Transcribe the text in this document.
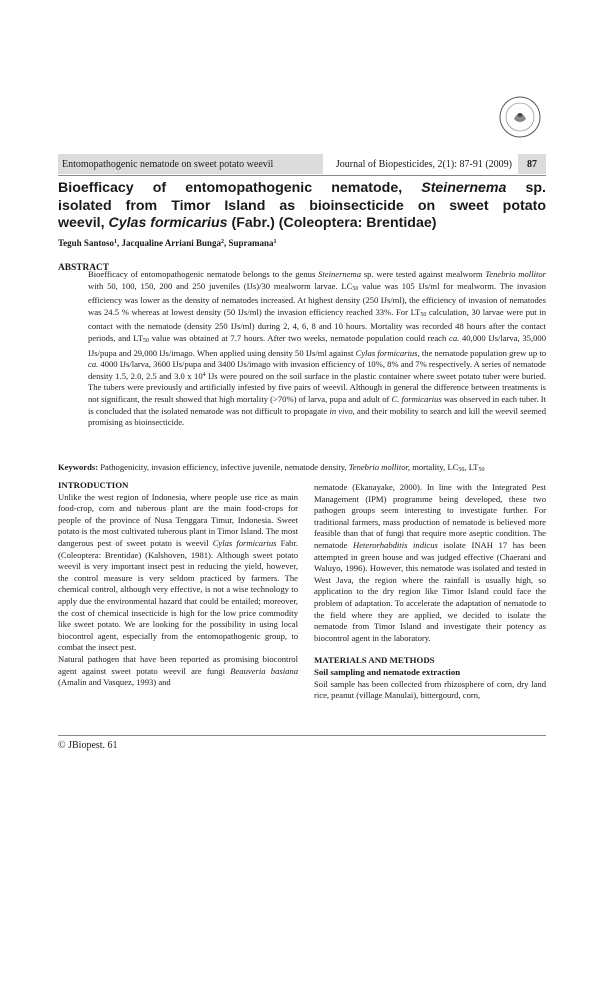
Entomopathogenic nematode on sweet potato weevil	Journal of Biopesticides, 2(1): 87-91 (2009)	87
Bioefficacy of entomopathogenic nematode, Steinernema sp.
isolated from Timor Island as bioinsecticide on sweet potato
weevil, Cylas formicarius (Fabr.) (Coleoptera: Brentidae)
Teguh Santoso$^1$, Jacqualine Arriani Bunga$^2$, Supramana$^1$
ABSTRACT
Bioefficacy of entomopathogenic nematode belongs to the genus Steinernema sp. were tested against mealworm Tenebrio mollitor with 50, 100, 150, 200 and 250 juveniles (IJs)/30 mealworm larvae. $LC_{50}$ value was 105 IJs/ml for mealworm. The invasion efficiency was lower as the density of nematodes increased. At highest density (250 IJs/ml), the efficiency of invasion of nematodes was 24.5 % whereas at lowest density (50 IJs/ml) the invasion efficiency reached 33%. For $LT_{50}$ calculation, 30 larvae were put in contact with the nematode (density 250 IJs/ml) during 2, 4, 6, 8 and 10 hours. Mortality was recorded 48 hours after the contact periods, and $LT_{50}$ value was obtained at 7.7 hours. After two weeks, nematode population could reach ca. 40,000 IJs/larva, 35,000 IJs/pupa and 29,000 IJs/imago. When applied using density 50 IJs/ml against Cylas formicarius, the nematode population grew up to ca. 4000 IJs/larva, 3600 IJs/pupa and 3400 IJs/imago with invasion efficiency of 10%, 8% and 7% respectively. A series of nematode density 1.5, 2.0, 2.5 and 3.0 x $10^4$ IJs were poured on the soil surface in the plastic container where sweet potato tuber were buried. The tubers were previously and artificially infested by five pairs of weevil. Although in general the difference between treatments is not significant, the result showed that high mortality (>70%) of larva, pupa and adult of C. formicarius was observed in each tuber. It is concluded that the isolated nematode was not difficult to propagate in vivo, and their mobility to search and kill the weevil seemed promising as bioinsecticide.
Keywords: Pathogenicity, invasion efficiency, infective juvenile, nematode density, Tenebrio mollitor, mortality, $LC_{50}$, $LT_{50}$
INTRODUCTION

Unlike the west region of Indonesia, where people use rice as main food-crop, corn and tuberous plant are the main food-crops for people of the province of Nusa Tenggara Timur, Indonesia. Sweet potato is the most cultivated tuberous plant in Timor Island. The most dangerous pest of sweet potato is weevil Cylas formicarius Fabr. (Coleoptera: Brentidae) (Kalshoven, 1981). Although sweet potato weevil is very important insect pest in reducing the yield, however, the control measure is very seldom practiced by farmers. The chemical control, although very effective, is not a wise technology to apply due the environmental hazard that could be entailed; moreover, the cost of chemical insecticide is high for the low price commodity like sweet potato. We are looking for the possibility in using local biocontrol agent, especially from the entomopathogenic group, to combat the insect pest.

Natural pathogen that have been reported as promising biocontrol agent against sweet potato weevil are fungi Beauveria basiana (Amalin and Vasquez, 1993) and

nematode (Ekanayake, 2000). In line with the Integrated Pest Management (IPM) programme being developed, these two pathogen groups seem interesting to investigate further. For traditional farmers, mass production of nematode is believed more feasible than that of fungi that require more aseptic condition. The nematode Heterorhabditis indicus isolate INAH 17 has been attempted in green house and was judged effective (Chaerani and Waluyo, 1996). However, this nematode was isolated and tested in West Java, the region where the rainfall is usually high, so application to the dry region like Timor Island could face the problem of adaptation. To accelerate the adaptation of nematode to the field where they are applied, we decided to isolate the nematode from Timor Island and investigate their potency as biocontrol agent in the laboratory.

MATERIALS AND METHODS
Soil sampling and nematode extraction

Soil sample has been collected from rhizosphere of corn, dry land rice, peanut (village Manulai), bittergourd, corn,

© JBiopest. 61
